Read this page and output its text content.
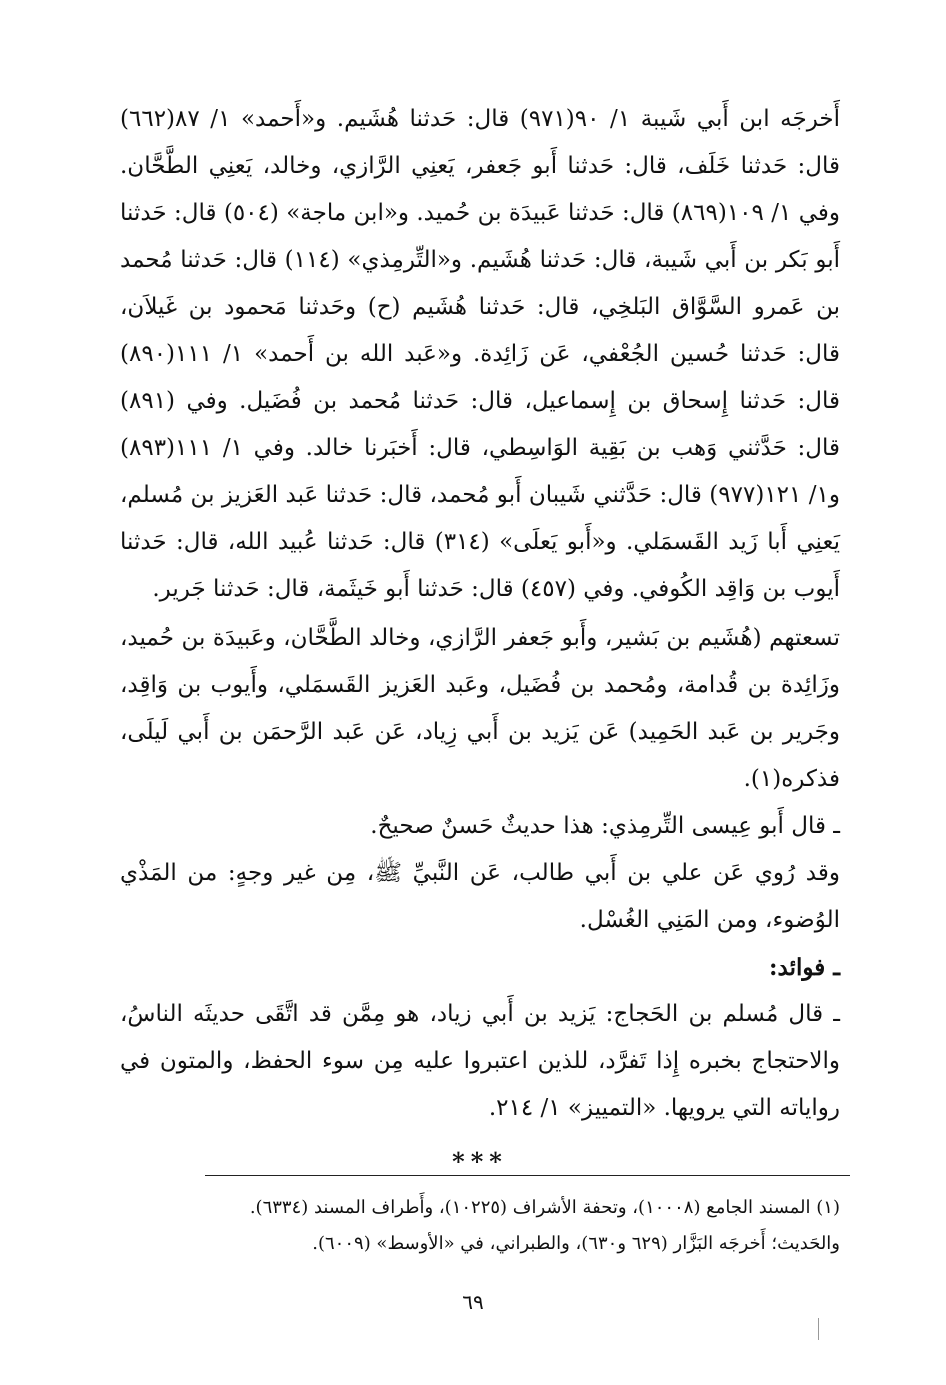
أَخرجَه ابن أَبي شَيبة ١/ ٩٠(٩٧١) قال: حَدثنا هُشَيم. و«أَحمد» ١/ ٨٧(٦٦٢) قال: حَدثنا خَلَف، قال: حَدثنا أَبو جَعفر، يَعنِي الرَّازي، وخالد، يَعنِي الطَّحَّان. وفي ١/ ١٠٩(٨٦٩) قال: حَدثنا عَبيدَة بن حُميد. و«ابن ماجة» (٥٠٤) قال: حَدثنا أَبو بَكر بن أَبي شَيبة، قال: حَدثنا هُشَيم. و«التِّرمِذي» (١١٤) قال: حَدثنا مُحمد بن عَمرو السَّوَّاق البَلخِي، قال: حَدثنا هُشَيم (ح) وحَدثنا مَحمود بن غَيلاَن، قال: حَدثنا حُسين الجُعْفي، عَن زَائِدة. و«عَبد الله بن أَحمد» ١/ ١١١(٨٩٠) قال: حَدثنا إِسحاق بن إِسماعيل، قال: حَدثنا مُحمد بن فُضَيل. وفي (٨٩١) قال: حَدَّثني وَهب بن بَقِية الوَاسِطي، قال: أَخبَرنا خالد. وفي ١/ ١١١(٨٩٣) و١/ ١٢١(٩٧٧) قال: حَدَّثني شَيبان أَبو مُحمد، قال: حَدثنا عَبد العَزيز بن مُسلم، يَعنِي أَبا زَيد القَسمَلي. و«أَبو يَعلَى» (٣١٤) قال: حَدثنا عُبيد الله، قال: حَدثنا أَيوب بن وَاقِد الكُوفي. وفي (٤٥٧) قال: حَدثنا أَبو خَيثَمة، قال: حَدثنا جَرير.

تسعتهم (هُشَيم بن بَشير، وأَبو جَعفر الرَّازي، وخالد الطَّحَّان، وعَبيدَة بن حُميد، وزَائِدة بن قُدامة، ومُحمد بن فُضَيل، وعَبد العَزيز القَسمَلي، وأَيوب بن وَاقِد، وجَرير بن عَبد الحَمِيد) عَن يَزيد بن أَبي زِياد، عَن عَبد الرَّحمَن بن أَبي لَيلَى، فذكره(١).

ـ قال أَبو عِيسى التِّرمِذي: هذا حديثٌ حَسنٌ صحيحٌ.

وقد رُوي عَن علي بن أَبي طالب، عَن النَّبيِّ ﷺ، مِن غير وجهٍ: من المَذْي الوُضوء، ومن المَنِي الغُسْل.

ـ فوائد:

ـ قال مُسلم بن الحَجاج: يَزيد بن أَبي زياد، هو مِمَّن قد اتَّقَى حديثَه الناسُ، والاحتجاج بخبره إِذا تَفرَّد، للذين اعتبروا عليه مِن سوء الحفظ، والمتون في رواياته التي يرويها. «التمييز» ١/ ٢١٤.

***

(١) المسند الجامع (١٠٠٠٨)، وتحفة الأشراف (١٠٢٢٥)، وأَطراف المسند (٦٣٣٤).

والحَديث؛ أَخرجَه البَزَّار (٦٢٩ و٦٣٠)، والطبراني، في «الأوسط» (٦٠٠٩).

٦٩
